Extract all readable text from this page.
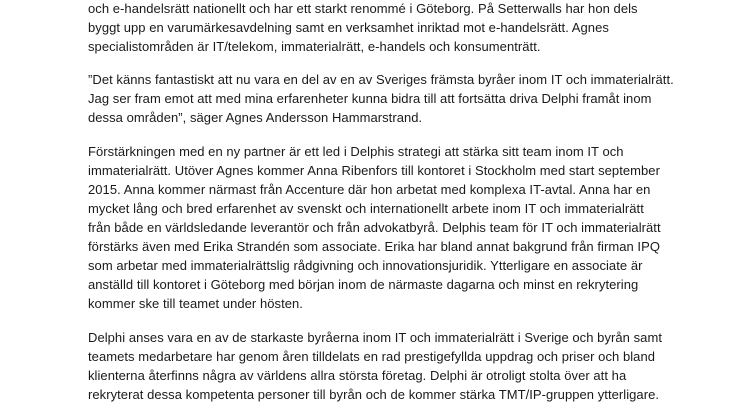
och e-handelsrätt nationellt och har ett starkt renommé i Göteborg. På Setterwalls har hon dels
byggt upp en varumärkesavdelning samt en verksamhet inriktad mot e-handelsrätt. Agnes
specialistområden är IT/telekom, immaterialrätt, e-handels och konsumenträtt.

”Det känns fantastiskt att nu vara en del av en av Sveriges främsta byråer inom IT och immaterialrätt.
Jag ser fram emot att med mina erfarenheter kunna bidra till att fortsätta driva Delphi framåt inom
dessa områden”, säger Agnes Andersson Hammarstrand.

Förstärkningen med en ny partner är ett led i Delphis strategi att stärka sitt team inom IT och
immaterialrätt. Utöver Agnes kommer Anna Ribenfors till kontoret i Stockholm med start september
2015. Anna kommer närmast från Accenture där hon arbetat med komplexa IT-avtal. Anna har en
mycket lång och bred erfarenhet av svenskt och internationellt arbete inom IT och immaterialrätt
från både en världsledande leverantör och från advokatbyrå. Delphis team för IT och immaterialrätt
förstärks även med Erika Strandén som associate. Erika har bland annat bakgrund från firman IPQ
som arbetar med immaterialrättslig rådgivning och innovationsjuridik. Ytterligare en associate är
anställd till kontoret i Göteborg med början inom de närmaste dagarna och minst en rekrytering
kommer ske till teamet under hösten.

Delphi anses vara en av de starkaste byråerna inom IT och immaterialrätt i Sverige och byrån samt
teamets medarbetare har genom åren tilldelats en rad prestigefyllda uppdrag och priser och bland
klienterna återfinns några av världens allra största företag. Delphi är otroligt stolta över att ha
rekryterat dessa kompetenta personer till byrån och de kommer stärka TMT/IP-gruppen ytterligare.
